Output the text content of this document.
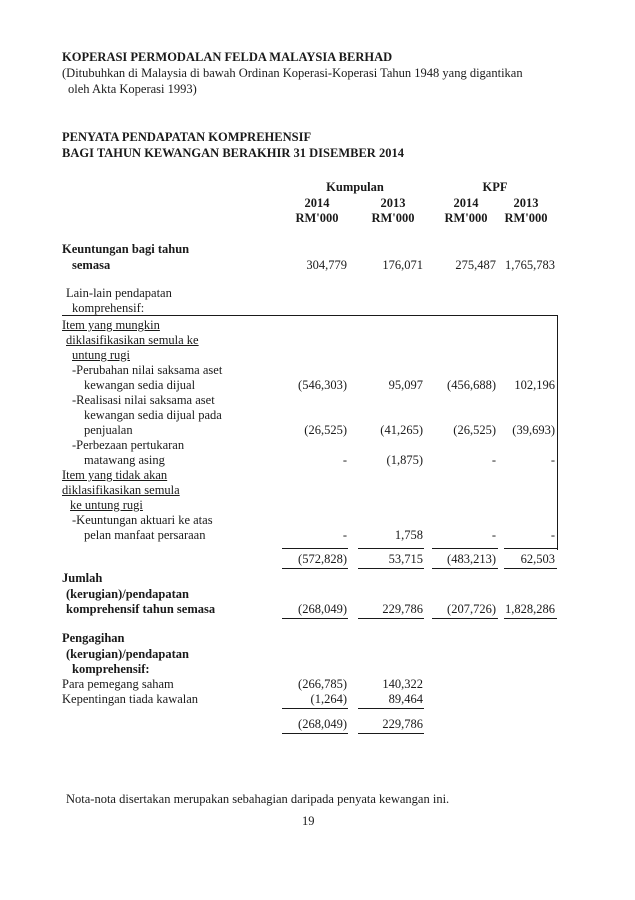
KOPERASI PERMODALAN FELDA MALAYSIA BERHAD
(Ditubuhkan di Malaysia di bawah Ordinan Koperasi-Koperasi Tahun 1948 yang digantikan
oleh Akta Koperasi 1993)
PENYATA PENDAPATAN KOMPREHENSIF
BAGI TAHUN KEWANGAN BERAKHIR 31 DISEMBER 2014
Kumpulan	KPF
2014	2013	2014	2013
RM'000	RM'000	RM'000	RM'000
Keuntungan bagi tahun
semasa	304,779	176,071	275,487 1,765,783
Lain-lain pendapatan
komprehensif:
Item yang mungkin
diklasifikasikan semula ke
untung rugi
-Perubahan nilai saksama aset
kewangan sedia dijual	(546,303)	95,097 (456,688) 102,196
-Realisasi nilai saksama aset
kewangan sedia dijual pada
penjualan	(26,525)	(41,265) (26,525) (39,693)
-Perbezaan pertukaran
matawang asing	-	(1,875)	-	-
Item yang tidak akan
diklasifikasikan semula
ke untung rugi
-Keuntungan aktuari ke atas
pelan manfaat persaraan	-	1,758	-	-
(572,828)	53,715 (483,213) 62,503
Jumlah
(kerugian)/pendapatan
komprehensif tahun semasa	(268,049)	229,786 (207,726) 1,828,286
Pengagihan
(kerugian)/pendapatan
komprehensif:
Para pemegang saham	(266,785)	140,322
Kepentingan tiada kawalan	(1,264)	89,464
(268,049)	229,786
Nota-nota disertakan merupakan sebahagian daripada penyata kewangan ini.
19
